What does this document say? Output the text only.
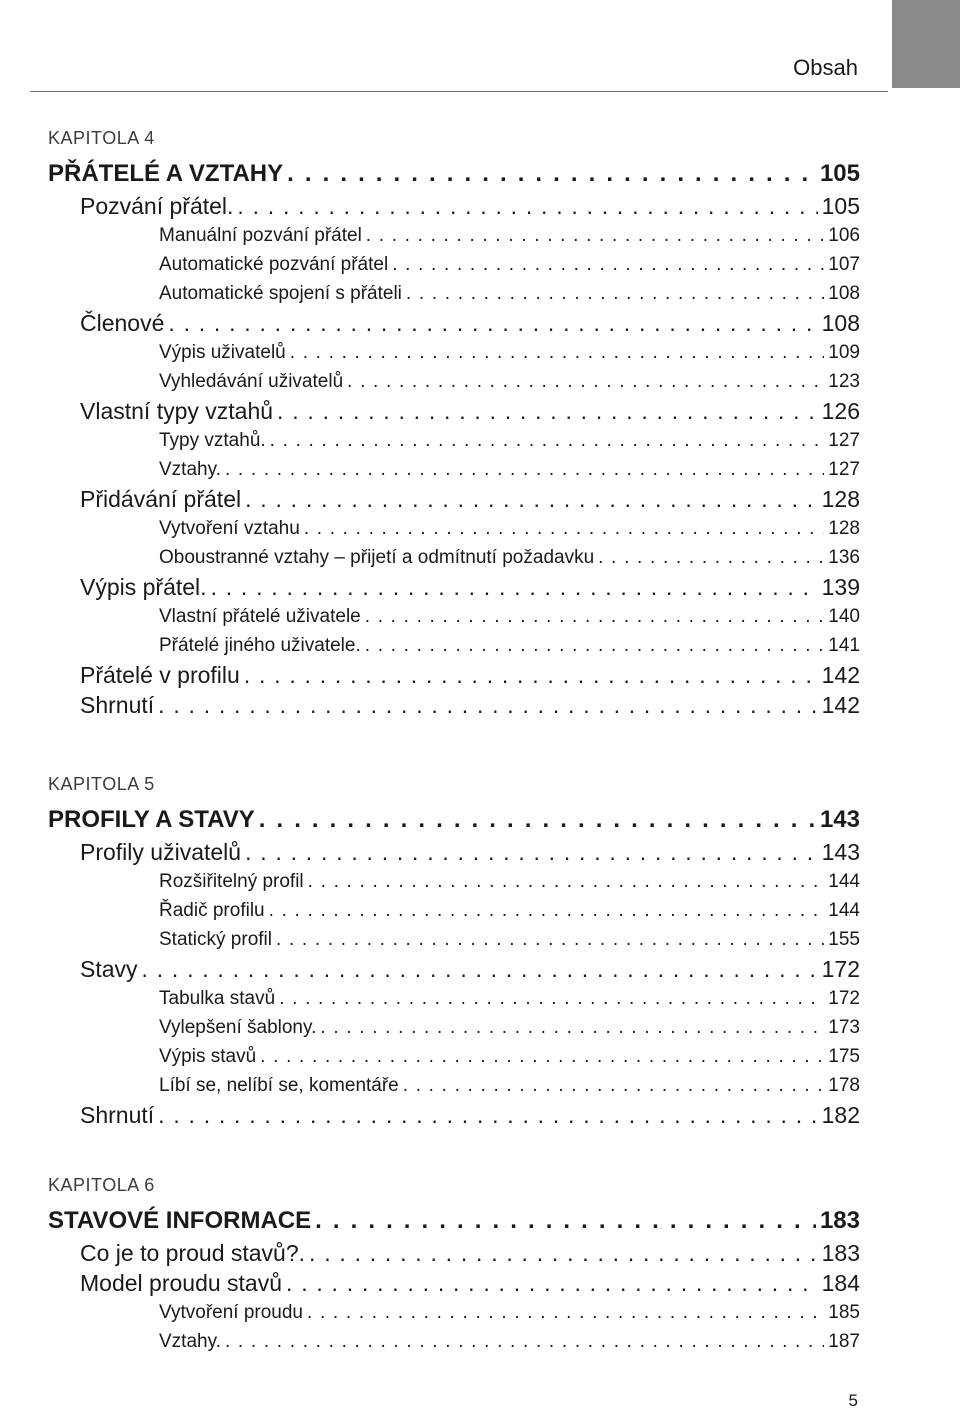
Obsah
KAPITOLA 4
PŘÁTELÉ A VZTAHY . . .	105
Pozvání přátel. . . .	105
Manuální pozvání přátel . . .	106
Automatické pozvání přátel . . .	107
Automatické spojení s přáteli . . .	108
Členové . . .	108
Výpis uživatelů . . .	109
Vyhledávání uživatelů . . .	123
Vlastní typy vztahů . . .	126
Typy vztahů. . . .	127
Vztahy. . . .	127
Přidávání přátel . . .	128
Vytvoření vztahu . . .	128
Oboustranné vztahy – přijetí a odmítnutí požadavku . . .	136
Výpis přátel. . . .	139
Vlastní přátelé uživatele . . .	140
Přátelé jiného uživatele. . . .	141
Přátelé v profilu . . .	142
Shrnutí . . .	142
KAPITOLA 5
PROFILY A STAVY . . .	143
Profily uživatelů . . .	143
Rozšiřitelný profil . . .	144
Řadič profilu . . .	144
Statický profil . . .	155
Stavy . . .	172
Tabulka stavů . . .	172
Vylepšení šablony. . . .	173
Výpis stavů . . .	175
Líbí se, nelíbí se, komentáře . . .	178
Shrnutí . . .	182
KAPITOLA 6
STAVOVÉ INFORMACE . . .	183
Co je to proud stavů?. . . .	183
Model proudu stavů . . .	184
Vytvoření proudu . . .	185
Vztahy. . . .	187
5
